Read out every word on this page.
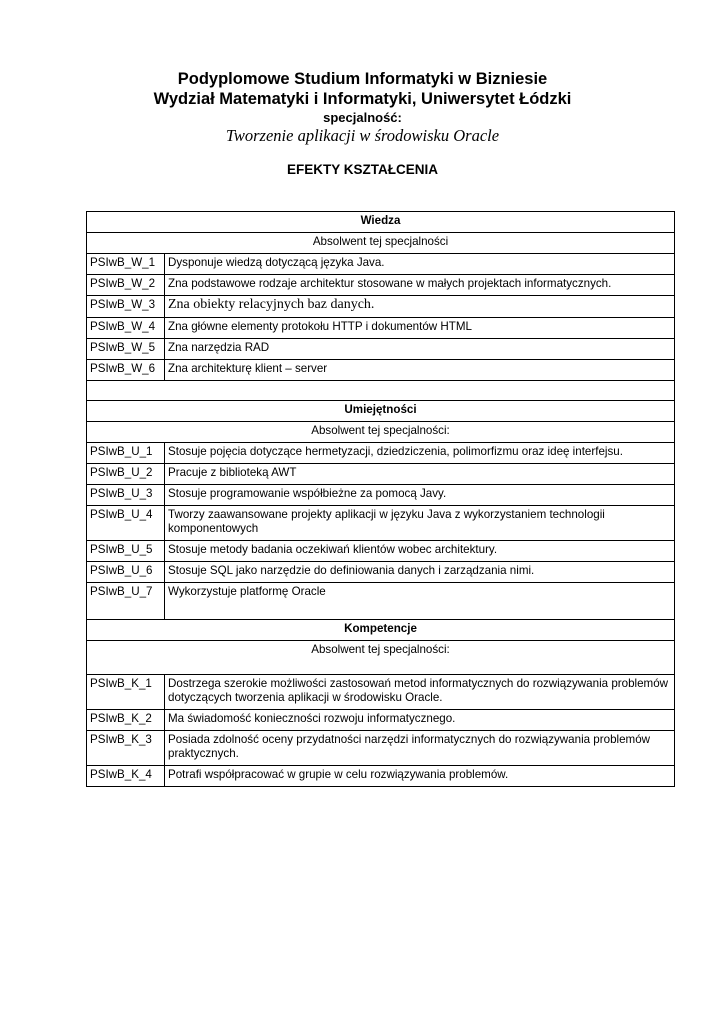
Podyplomowe Studium Informatyki w Bizniesie
Wydział Matematyki i Informatyki, Uniwersytet Łódzki
specjalność:
Tworzenie aplikacji w środowisku Oracle
EFEKTY KSZTAŁCENIA
Wiedza	
Absolwent tej specjalności	
PSIwB_W_1	Dysponuje wiedzą dotyczącą języka Java.
PSIwB_W_2	Zna podstawowe rodzaje architektur stosowane w małych projektach informatycznych.
PSIwB_W_3	Zna obiekty relacyjnych baz danych.
PSIwB_W_4	Zna główne elementy protokołu HTTP i dokumentów HTML
PSIwB_W_5	Zna narzędzia RAD
PSIwB_W_6	Zna architekturę klient – server

Umiejętności	
Absolwent tej specjalności:	
PSIwB_U_1	Stosuje pojęcia dotyczące hermetyzacji, dziedziczenia, polimorfizmu oraz ideę interfejsu.
PSIwB_U_2	Pracuje z biblioteką AWT
PSIwB_U_3	Stosuje programowanie współbieżne za pomocą Javy.
PSIwB_U_4	Tworzy zaawansowane projekty aplikacji w języku Java z wykorzystaniem technologii komponentowych
PSIwB_U_5	Stosuje metody badania oczekiwań klientów wobec architektury.
PSIwB_U_6	Stosuje SQL jako narzędzie do definiowania danych i zarządzania nimi.
PSIwB_U_7	Wykorzystuje platformę Oracle
Kompetencje	
Absolwent tej specjalności:	
PSIwB_K_1	Dostrzega szerokie możliwości zastosowań metod informatycznych do rozwiązywania problemów dotyczących tworzenia aplikacji w środowisku Oracle.
PSIwB_K_2	Ma świadomość konieczności rozwoju informatycznego.
PSIwB_K_3	Posiada zdolność oceny przydatności narzędzi informatycznych do rozwiązywania problemów praktycznych.
PSIwB_K_4	Potrafi współpracować w grupie w celu rozwiązywania problemów.
